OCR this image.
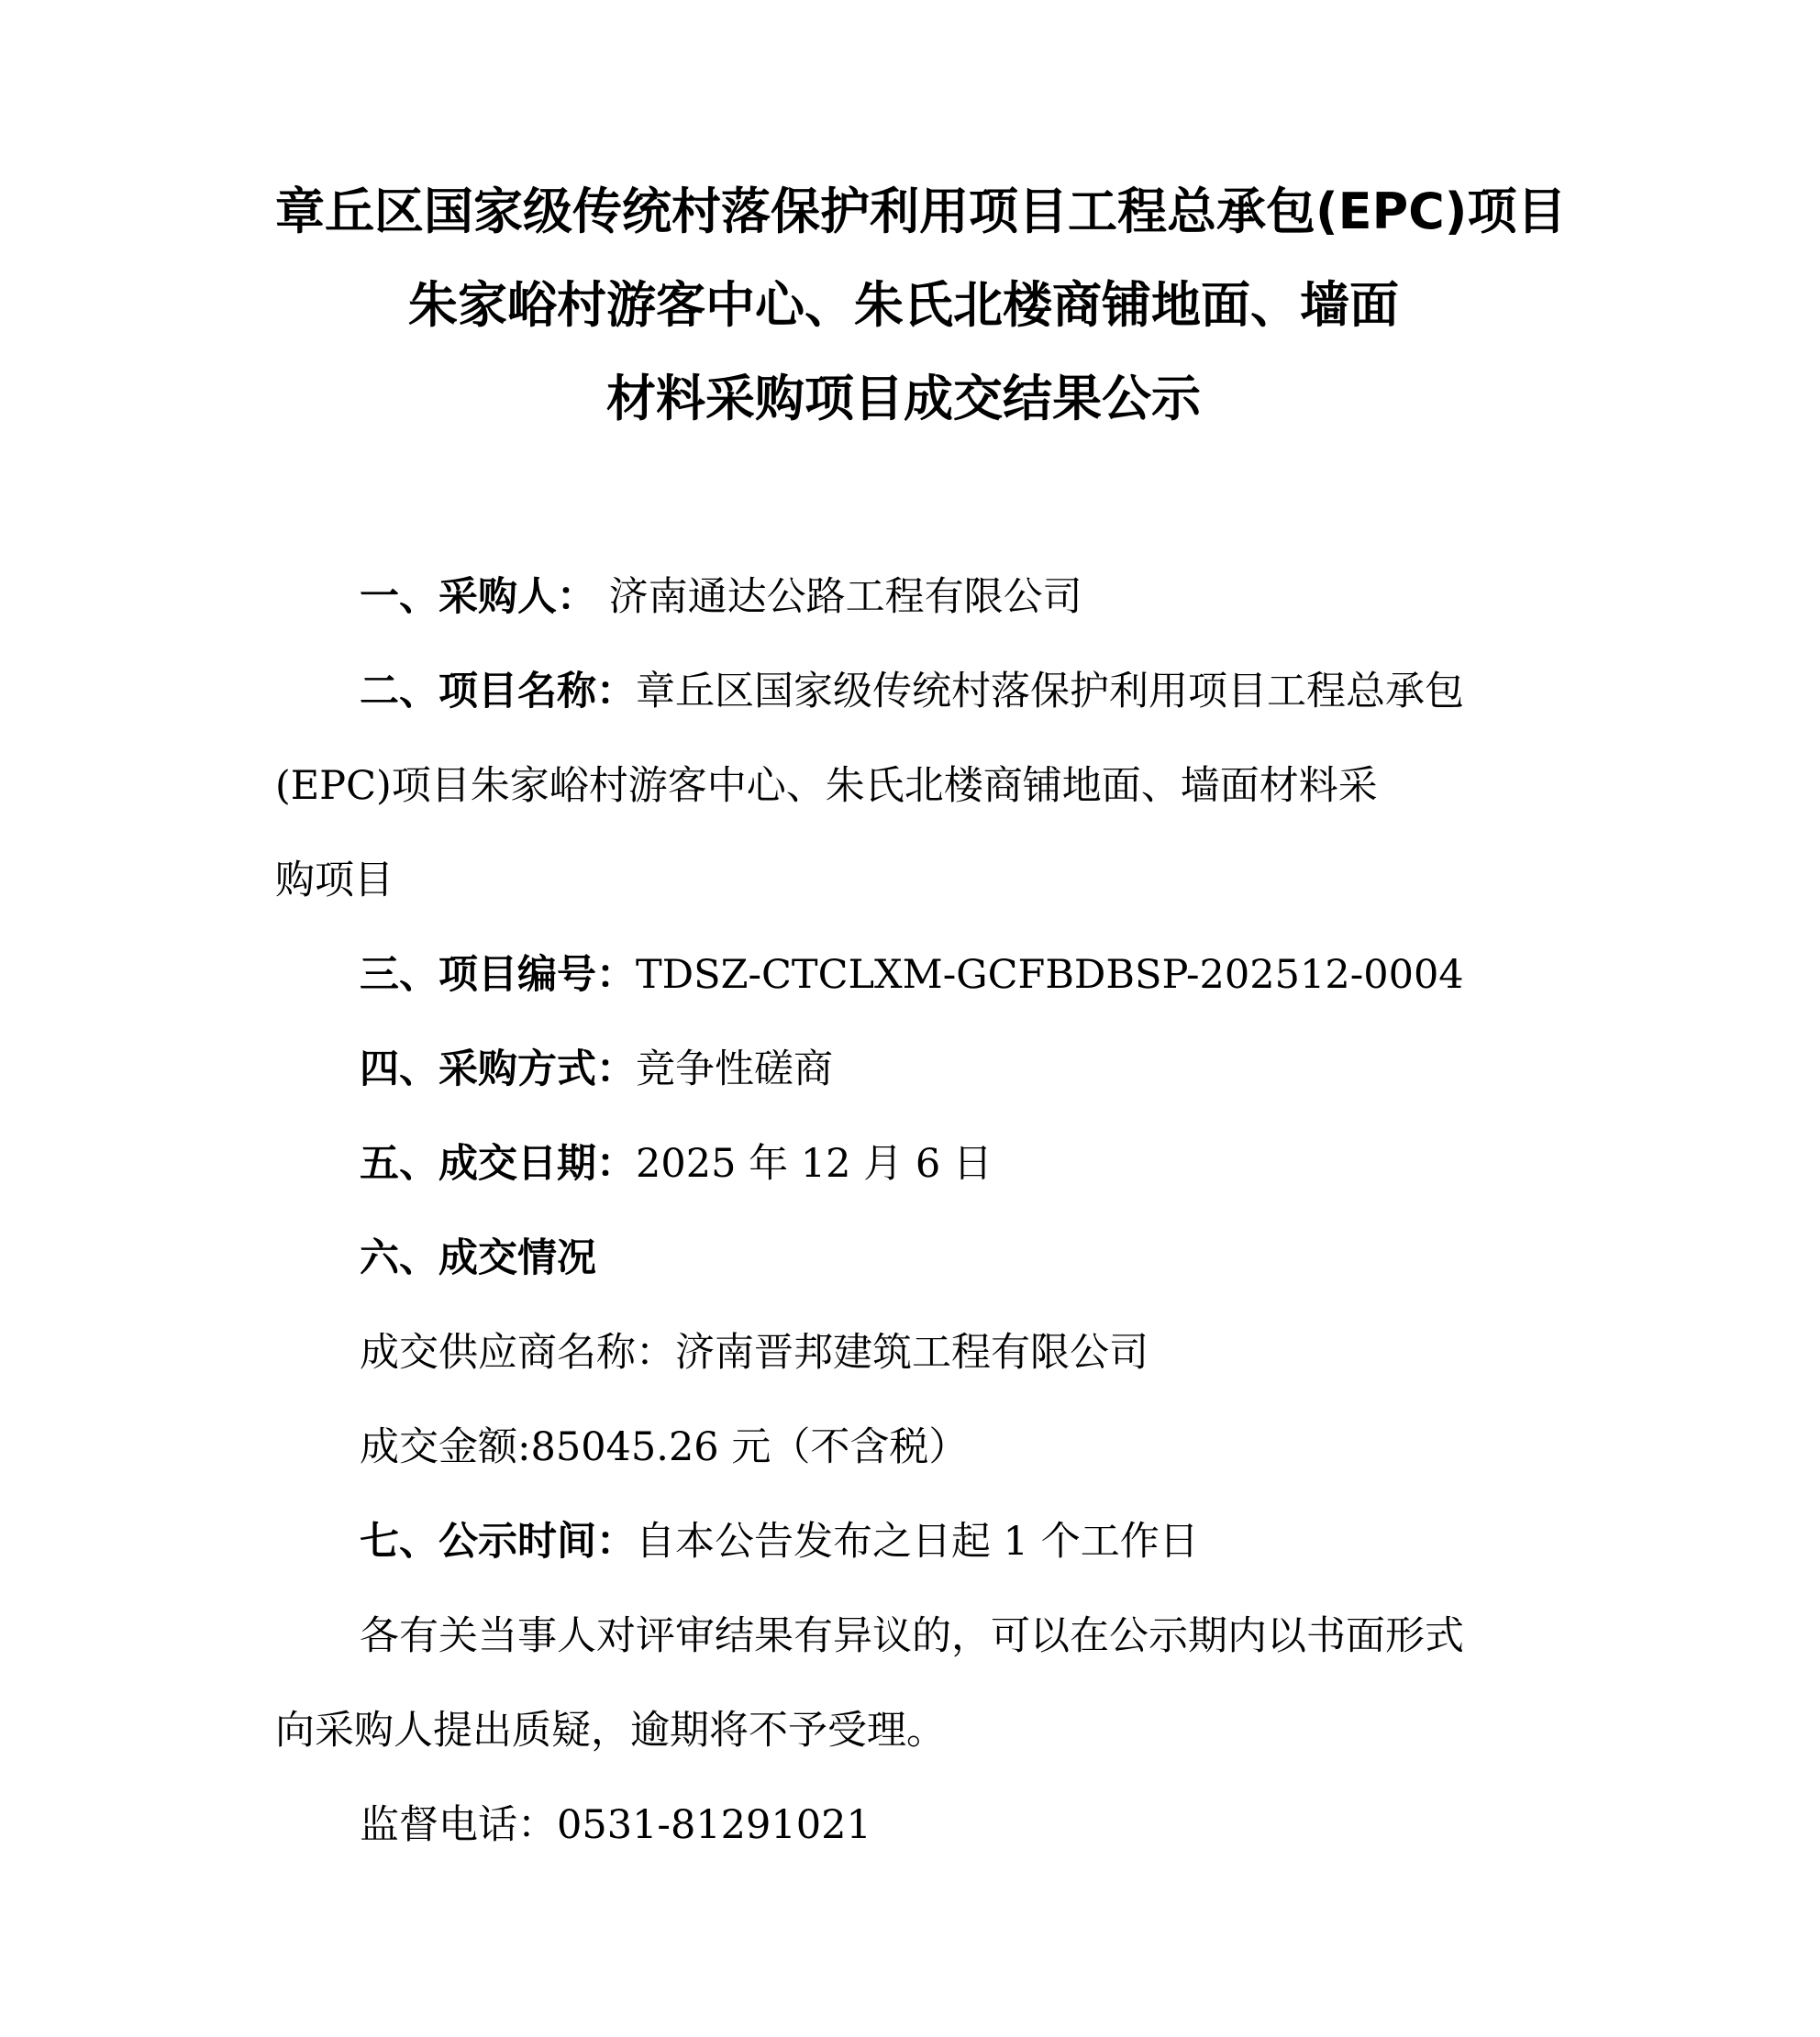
章丘区国家级传统村落保护利用项目工程总承包(EPC)项目
朱家峪村游客中心、朱氏北楼商铺地面、墙面
材料采购项目成交结果公示
一、采购人： 济南通达公路工程有限公司
二、项目名称：章丘区国家级传统村落保护利用项目工程总承包
(EPC)项目朱家峪村游客中心、朱氏北楼商铺地面、墙面材料采
购项目
三、项目编号：TDSZ-CTCLXM-GCFBDBSP-202512-0004
四、采购方式：竞争性磋商
五、成交日期：2025 年 12 月 6 日
六、成交情况
成交供应商名称：济南晋邦建筑工程有限公司
成交金额:85045.26 元（不含税）
七、公示时间：自本公告发布之日起 1 个工作日
各有关当事人对评审结果有异议的，可以在公示期内以书面形式
向采购人提出质疑，逾期将不予受理。
监督电话：0531-81291021
